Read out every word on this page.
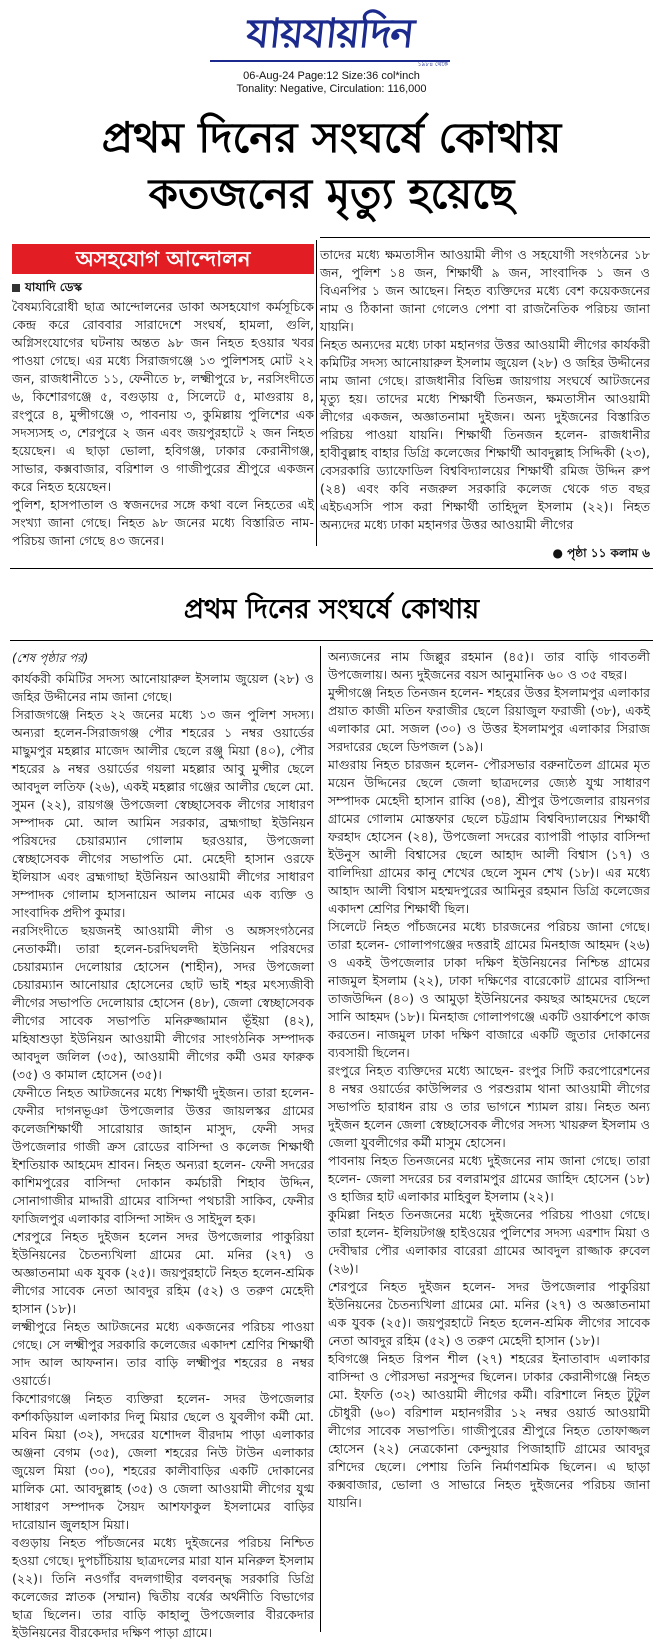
যায়যায়দিন
১৯৮৪ থেকে
06-Aug-24 Page:12 Size:36 col*inch
Tonality: Negative, Circulation: 116,000
প্রথম দিনের সংঘর্ষে কোথায়
কতজনের মৃত্যু হয়েছে
অসহযোগ আন্দোলন
যাযাদি ডেস্ক

বৈষম্যবিরোধী ছাত্র আন্দোলনের ডাকা অসহযোগ কর্মসূচিকে কেন্দ্র করে রোববার সারাদেশে সংঘর্ষ, হামলা, গুলি, অগ্নিসংযোগের ঘটনায় অন্তত ৯৮ জন নিহত হওয়ার খবর পাওয়া গেছে। এর মধ্যে সিরাজগঞ্জে ১৩ পুলিশসহ মোট ২২ জন, রাজধানীতে ১১, ফেনীতে ৮, লক্ষ্মীপুরে ৮, নরসিংদীতে ৬, কিশোরগঞ্জে ৫, বগুড়ায় ৫, সিলেটে ৫, মাগুরায় ৪, রংপুরে ৪, মুন্সীগঞ্জে ৩, পাবনায় ৩, কুমিল্লায় পুলিশের এক সদস্যসহ ৩, শেরপুরে ২ জন এবং জয়পুরহাটে ২ জন নিহত হয়েছেন। এ ছাড়া ভোলা, হবিগঞ্জ, ঢাকার কেরানীগঞ্জ, সাভার, কক্সবাজার, বরিশাল ও গাজীপুরের শ্রীপুরে একজন করে নিহত হয়েছেন।

পুলিশ, হাসপাতাল ও স্বজনদের সঙ্গে কথা বলে নিহতের এই সংখ্যা জানা গেছে। নিহত ৯৮ জনের মধ্যে বিস্তারিত নাম-পরিচয় জানা গেছে ৪৩ জনের।

তাদের মধ্যে ক্ষমতাসীন আওয়ামী লীগ ও সহযোগী সংগঠনের ১৮ জন, পুলিশ ১৪ জন, শিক্ষার্থী ৯ জন, সাংবাদিক ১ জন ও বিএনপির ১ জন আছেন। নিহত ব্যক্তিদের মধ্যে বেশ কয়েকজনের নাম ও ঠিকানা জানা গেলেও পেশা বা রাজনৈতিক পরিচয় জানা যায়নি।

নিহত অন্যদের মধ্যে ঢাকা মহানগর উত্তর আওয়ামী লীগের কার্যকরী কমিটির সদস্য আনোয়ারুল ইসলাম জুয়েল (২৮) ও জহির উদ্দীনের নাম জানা গেছে। রাজধানীর বিভিন্ন জায়গায় সংঘর্ষে আটজনের মৃত্যু হয়। তাদের মধ্যে শিক্ষার্থী তিনজন, ক্ষমতাসীন আওয়ামী লীগের একজন, অজ্ঞাতনামা দুইজন। অন্য দুইজনের বিস্তারিত পরিচয় পাওয়া যায়নি। শিক্ষার্থী তিনজন হলেন- রাজধানীর হাবীবুল্লাহ বাহার ডিগ্রি কলেজের শিক্ষার্থী আবদুল্লাহ সিদ্দিকী (২৩), বেসরকারি ড্যাফোডিল বিশ্ববিদ্যালয়ের শিক্ষার্থী রমিজ উদ্দিন রুপ (২৪) এবং কবি নজরুল সরকারি কলেজ থেকে গত বছর এইচএসসি পাস করা শিক্ষার্থী তাহিদুল ইসলাম (২২)। নিহত অন্যদের মধ্যে ঢাকা মহানগর উত্তর আওয়ামী লীগের

● পৃষ্ঠা ১১ কলাম ৬
প্রথম দিনের সংঘর্ষে কোথায়
(শেষ পৃষ্ঠার পর)

কার্যকরী কমিটির সদস্য আনোয়ারুল ইসলাম জুয়েল (২৮) ও জহির উদ্দীনের নাম জানা গেছে।

সিরাজগঞ্জে নিহত ২২ জনের মধ্যে ১৩ জন পুলিশ সদস্য। অন্যরা হলেন-সিরাজগঞ্জ পৌর শহরের ১ নম্বর ওয়ার্ডের মাছুমপুর মহল্লার মাজেদ আলীর ছেলে রঞ্জু মিয়া (৪০), পৌর শহরের ৯ নম্বর ওয়ার্ডের গয়লা মহল্লার আবু মুন্সীর ছেলে আবদুল লতিফ (২৬), একই মহল্লার গঞ্জের আলীর ছেলে মো. সুমন (২২), রায়গঞ্জ উপজেলা স্বেচ্ছাসেবক লীগের সাধারণ সম্পাদক মো. আল আমিন সরকার, ব্রহ্মগাছা ইউনিয়ন পরিষদের চেয়ারম্যান গোলাম ছরওয়ার, উপজেলা স্বেচ্ছাসেবক লীগের সভাপতি মো. মেহেদী হাসান ওরফে ইলিয়াস এবং ব্রহ্মগাছা ইউনিয়ন আওয়ামী লীগের সাধারণ সম্পাদক গোলাম হাসনায়েন আলম নামের এক ব্যক্তি ও সাংবাদিক প্রদীপ কুমার।

নরসিংদীতে ছয়জনই আওয়ামী লীগ ও অঙ্গসংগঠনের নেতাকর্মী। তারা হলেন-চরদিঘলদী ইউনিয়ন পরিষদের চেয়ারম্যান দেলোয়ার হোসেন (শাহীন), সদর উপজেলা চেয়ারম্যান আনোয়ার হোসেনের ছোট ভাই শহর মৎস্যজীবী লীগের সভাপতি দেলোয়ার হোসেন (৪৮), জেলা স্বেচ্ছাসেবক লীগের সাবেক সভাপতি মনিরুজ্জামান ভূঁইয়া (৪২), মহিষাশুড়া ইউনিয়ন আওয়ামী লীগের সাংগঠনিক সম্পাদক আবদুল জলিল (৩৫), আওয়ামী লীগের কর্মী ওমর ফারুক (৩৫) ও কামাল হোসেন (৩৫)।

ফেনীতে নিহত আটজনের মধ্যে শিক্ষার্থী দুইজন। তারা হলেন- ফেনীর দাগনভূঞা উপজেলার উত্তর জায়লস্কর গ্রামের কলেজশিক্ষার্থী সারোয়ার জাহান মাসুদ, ফেনী সদর উপজেলার গাজী ক্রস রোডের বাসিন্দা ও কলেজ শিক্ষার্থী ইশতিয়াক আহমেদ শ্রাবন। নিহত অন্যরা হলেন- ফেনী সদরের কাশিমপুরের বাসিন্দা দোকান কর্মচারী শিহাব উদ্দিন, সোনাগাজীর মাদ্দারী গ্রামের বাসিন্দা পথচারী সাকিব, ফেনীর ফাজিলপুর এলাকার বাসিন্দা সাঈদ ও সাইদুল হক।

শেরপুরে নিহত দুইজন হলেন সদর উপজেলার পাকুরিয়া ইউনিয়নের চৈতন্যখিলা গ্রামের মো. মনির (২৭) ও অজ্ঞাতনামা এক যুবক (২৫)। জয়পুরহাটে নিহত হলেন-শ্রমিক লীগের সাবেক নেতা আবদুর রহিম (৫২) ও তরুণ মেহেদী হাসান (১৮)।

লক্ষ্মীপুরে নিহত আটজনের মধ্যে একজনের পরিচয় পাওয়া গেছে। সে লক্ষ্মীপুর সরকারি কলেজের একাদশ শ্রেণির শিক্ষার্থী সাদ আল আফনান। তার বাড়ি লক্ষ্মীপুর শহরের ৪ নম্বর ওয়ার্ডে।

কিশোরগঞ্জে নিহত ব্যক্তিরা হলেন- সদর উপজেলার কর্শাকড়িয়াল এলাকার দিলু মিয়ার ছেলে ও যুবলীগ কর্মী মো. মবিন মিয়া (৩২), সদরের যশোদল বীরদাম পাড়া এলাকার অঞ্জনা বেগম (৩৫), জেলা শহরের নিউ টাউন এলাকার জুয়েল মিয়া (৩০), শহরের কালীবাড়ির একটি দোকানের মালিক মো. আবদুল্লাহ (৩৫) ও জেলা আওয়ামী লীগের যুগ্ম সাধারণ সম্পাদক সৈয়দ আশফাকুল ইসলামের বাড়ির দারোয়ান জুলহাস মিয়া।

বগুড়ায় নিহত পাঁচজনের মধ্যে দুইজনের পরিচয় নিশ্চিত হওয়া গেছে। দুপচাঁচিয়ায় ছাত্রদলের মারা যান মনিরুল ইসলাম (২২)। তিনি নওগাঁর বদলগাছীর বলবন্দ্ধ সরকারি ডিগ্রি কলেজের স্নাতক (সম্মান) দ্বিতীয় বর্ষের অর্থনীতি বিভাগের ছাত্র ছিলেন। তার বাড়ি কাহালু উপজেলার বীরকেদার ইউনিয়নের বীরকেদার দক্ষিণ পাড়া গ্রামে।

অন্যজনের নাম জিল্লুর রহমান (৪৫)। তার বাড়ি গাবতলী উপজেলায়। অন্য দুইজনের বয়স আনুমানিক ৬০ ও ৩৫ বছর।

মুন্সীগঞ্জে নিহত তিনজন হলেন- শহরের উত্তর ইসলামপুর এলাকার প্রয়াত কাজী মতিন ফরাজীর ছেলে রিয়াজুল ফরাজী (৩৮), একই এলাকার মো. সজল (৩০) ও উত্তর ইসলামপুর এলাকার সিরাজ সরদারের ছেলে ডিপজল (১৯)।

মাগুরায় নিহত চারজন হলেন- পৌরসভার বরুনাতৈল গ্রামের মৃত ময়েন উদ্দিনের ছেলে জেলা ছাত্রদলের জ্যেষ্ঠ যুগ্ম সাধারণ সম্পাদক মেহেদী হাসান রাব্বি (৩৪), শ্রীপুর উপজেলার রায়নগর গ্রামের গোলাম মোস্তফার ছেলে চট্টগ্রাম বিশ্ববিদ্যালয়ের শিক্ষার্থী ফরহাদ হোসেন (২৪), উপজেলা সদরের ব্যাপারী পাড়ার বাসিন্দা ইউনুস আলী বিশ্বাসের ছেলে আহাদ আলী বিশ্বাস (১৭) ও বালিদিয়া গ্রামের কানু শেখের ছেলে সুমন শেখ (১৮)। এর মধ্যে আহাদ আলী বিশ্বাস মহম্মদপুরের আমিনুর রহমান ডিগ্রি কলেজের একাদশ শ্রেণির শিক্ষার্থী ছিল।

সিলেটে নিহত পাঁচজনের মধ্যে চারজনের পরিচয় জানা গেছে। তারা হলেন- গোলাপগঞ্জের দত্তরাই গ্রামের মিনহাজ আহমদ (২৬) ও একই উপজেলার ঢাকা দক্ষিণ ইউনিয়নের নিশ্চিন্ত গ্রামের নাজমুল ইসলাম (২২), ঢাকা দক্ষিণের বারেকোট গ্রামের বাসিন্দা তাজউদ্দিন (৪০) ও আমুড়া ইউনিয়নের কয়ছর আহমদের ছেলে সানি আহমদ (১৮)। মিনহাজ গোলাপগঞ্জে একটি ওয়ার্কশপে কাজ করতেন। নাজমুল ঢাকা দক্ষিণ বাজারে একটি জুতার দোকানের ব্যবসায়ী ছিলেন।

রংপুরে নিহত ব্যক্তিদের মধ্যে আছেন- রংপুর সিটি করপোরেশনের ৪ নম্বর ওয়ার্ডের কাউন্সিলর ও পরশুরাম থানা আওয়ামী লীগের সভাপতি হারাধন রায় ও তার ভাগনে শ্যামল রায়। নিহত অন্য দুইজন হলেন জেলা স্বেচ্ছাসেবক লীগের সদস্য খায়রুল ইসলাম ও জেলা যুবলীগের কর্মী মাসুম হোসেন।

পাবনায় নিহত তিনজনের মধ্যে দুইজনের নাম জানা গেছে। তারা হলেন- জেলা সদরের চর বলরামপুর গ্রামের জাহিদ হোসেন (১৮) ও হাজির হাট এলাকার মাহিবুল ইসলাম (২২)।

কুমিল্লা নিহত তিনজনের মধ্যে দুইজনের পরিচয় পাওয়া গেছে। তারা হলেন- ইলিয়টগঞ্জ হাইওয়ের পুলিশের সদস্য এরশাদ মিয়া ও দেবীদ্বার পৌর এলাকার বারেরা গ্রামের আবদুল রাজ্জাক রুবেল (২৬)।

শেরপুরে নিহত দুইজন হলেন- সদর উপজেলার পাকুরিয়া ইউনিয়নের চৈতন্যখিলা গ্রামের মো. মনির (২৭) ও অজ্ঞাতনামা এক যুবক (২৫)। জয়পুরহাটে নিহত হলেন-শ্রমিক লীগের সাবেক নেতা আবদুর রহিম (৫২) ও তরুণ মেহেদী হাসান (১৮)।

হবিগঞ্জে নিহত রিপন শীল (২৭) শহরের ইনাতাবাদ এলাকার বাসিন্দা ও পৌরসভা নরসুন্দর ছিলেন। ঢাকার কেরানীগঞ্জে নিহত মো. ইফতি (৩২) আওয়ামী লীগের কর্মী। বরিশালে নিহত টুটুল চৌধুরী (৬০) বরিশাল মহানগরীর ১২ নম্বর ওয়ার্ড আওয়ামী লীগের সাবেক সভাপতি। গাজীপুরের শ্রীপুরে নিহত তোফাজ্জল হোসেন (২২) নেত্রকোনা কেন্দুয়ার পিজাহাটি গ্রামের আবদুর রশিদের ছেলে। পেশায় তিনি নির্মাণশ্রমিক ছিলেন। এ ছাড়া কক্সবাজার, ভোলা ও সাভারে নিহত দুইজনের পরিচয় জানা যায়নি।
